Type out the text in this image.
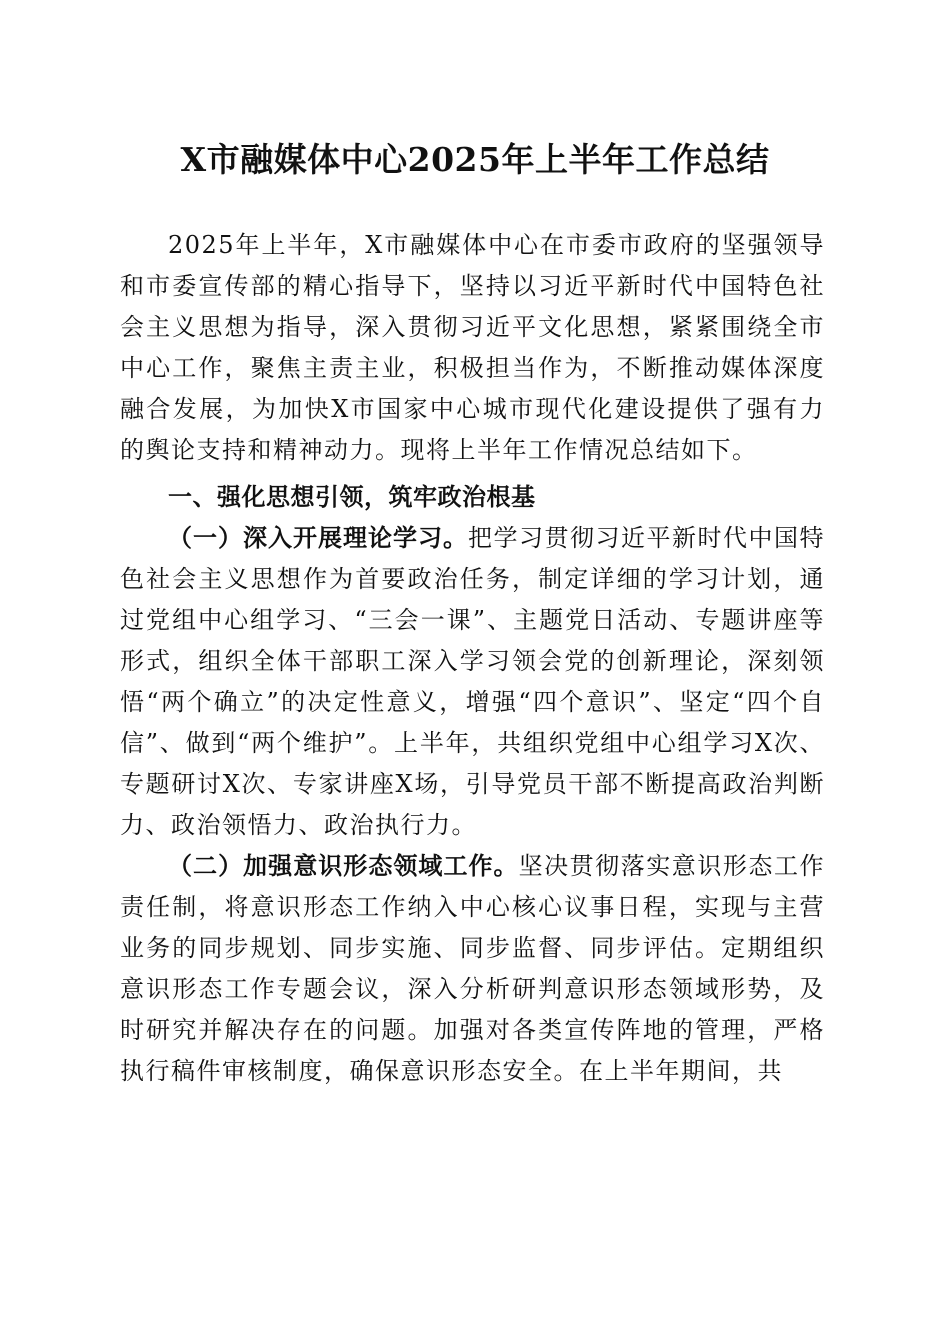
X市融媒体中心2025年上半年工作总结

2025年上半年，X市融媒体中心在市委市政府的坚强领导和市委宣传部的精心指导下，坚持以习近平新时代中国特色社会主义思想为指导，深入贯彻习近平文化思想，紧紧围绕全市中心工作，聚焦主责主业，积极担当作为，不断推动媒体深度融合发展，为加快X市国家中心城市现代化建设提供了强有力的舆论支持和精神动力。现将上半年工作情况总结如下。

一、强化思想引领，筑牢政治根基

（一）深入开展理论学习。把学习贯彻习近平新时代中国特色社会主义思想作为首要政治任务，制定详细的学习计划，通过党组中心组学习、“三会一课”、主题党日活动、专题讲座等形式，组织全体干部职工深入学习领会党的创新理论，深刻领悟“两个确立”的决定性意义，增强“四个意识”、坚定“四个自信”、做到“两个维护”。上半年，共组织党组中心组学习X次、专题研讨X次、专家讲座X场，引导党员干部不断提高政治判断力、政治领悟力、政治执行力。

（二）加强意识形态领域工作。坚决贯彻落实意识形态工作责任制，将意识形态工作纳入中心核心议事日程，实现与主营业务的同步规划、同步实施、同步监督、同步评估。定期组织意识形态工作专题会议，深入分析研判意识形态领域形势，及时研究并解决存在的问题。加强对各类宣传阵地的管理，严格执行稿件审核制度，确保意识形态安全。在上半年期间，共
